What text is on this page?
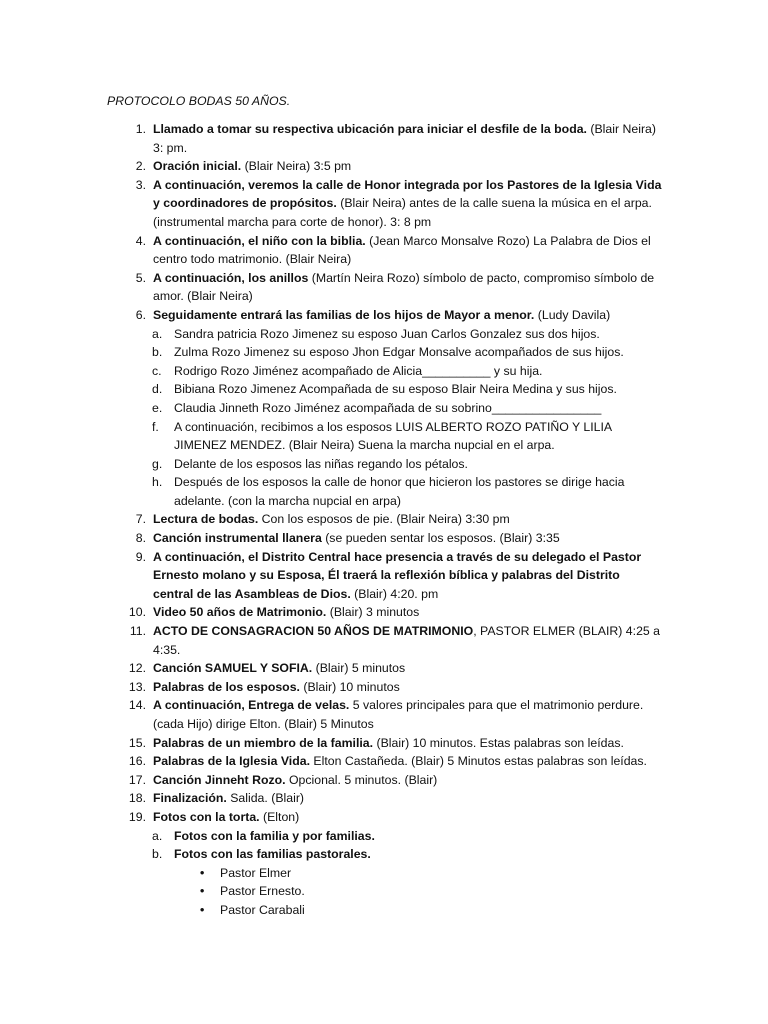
PROTOCOLO BODAS 50 AÑOS.
1. Llamado a tomar su respectiva ubicación para iniciar el desfile de la boda. (Blair Neira) 3: pm.
2. Oración inicial. (Blair Neira) 3:5 pm
3. A continuación, veremos la calle de Honor integrada por los Pastores de la Iglesia Vida y coordinadores de propósitos. (Blair Neira) antes de la calle suena la música en el arpa. (instrumental marcha para corte de honor). 3: 8 pm
4. A continuación, el niño con la biblia. (Jean Marco Monsalve Rozo) La Palabra de Dios el centro todo matrimonio. (Blair Neira)
5. A continuación, los anillos (Martín Neira Rozo) símbolo de pacto, compromiso símbolo de amor. (Blair Neira)
6. Seguidamente entrará las familias de los hijos de Mayor a menor. (Ludy Davila)
a. Sandra patricia Rozo Jimenez su esposo Juan Carlos Gonzalez sus dos hijos.
b. Zulma Rozo Jimenez su esposo Jhon Edgar Monsalve acompañados de sus hijos.
c. Rodrigo Rozo Jiménez acompañado de Alicia__________ y su hija.
d. Bibiana Rozo Jimenez Acompañada de su esposo Blair Neira Medina y sus hijos.
e. Claudia Jinneth Rozo Jiménez acompañada de su sobrino________________
f. A continuación, recibimos a los esposos LUIS ALBERTO ROZO PATIÑO Y LILIA JIMENEZ MENDEZ. (Blair Neira) Suena la marcha nupcial en el arpa.
g. Delante de los esposos las niñas regando los pétalos.
h. Después de los esposos la calle de honor que hicieron los pastores se dirige hacia adelante. (con la marcha nupcial en arpa)
7. Lectura de bodas. Con los esposos de pie. (Blair Neira) 3:30 pm
8. Canción instrumental llanera (se pueden sentar los esposos. (Blair) 3:35
9. A continuación, el Distrito Central hace presencia a través de su delegado el Pastor Ernesto molano y su Esposa, Él traerá la reflexión bíblica y palabras del Distrito central de las Asambleas de Dios. (Blair) 4:20. pm
10. Video 50 años de Matrimonio. (Blair) 3 minutos
11. ACTO DE CONSAGRACION 50 AÑOS DE MATRIMONIO, PASTOR ELMER (BLAIR) 4:25 a 4:35.
12. Canción SAMUEL Y SOFIA. (Blair) 5 minutos
13. Palabras de los esposos. (Blair) 10 minutos
14. A continuación, Entrega de velas. 5 valores principales para que el matrimonio perdure. (cada Hijo) dirige Elton. (Blair) 5 Minutos
15. Palabras de un miembro de la familia. (Blair) 10 minutos. Estas palabras son leídas.
16. Palabras de la Iglesia Vida. Elton Castañeda. (Blair) 5 Minutos estas palabras son leídas.
17. Canción Jinneht Rozo. Opcional. 5 minutos. (Blair)
18. Finalización. Salida. (Blair)
19. Fotos con la torta. (Elton)
a. Fotos con la familia y por familias.
b. Fotos con las familias pastorales.
• Pastor Elmer
• Pastor Ernesto.
• Pastor Carabali
